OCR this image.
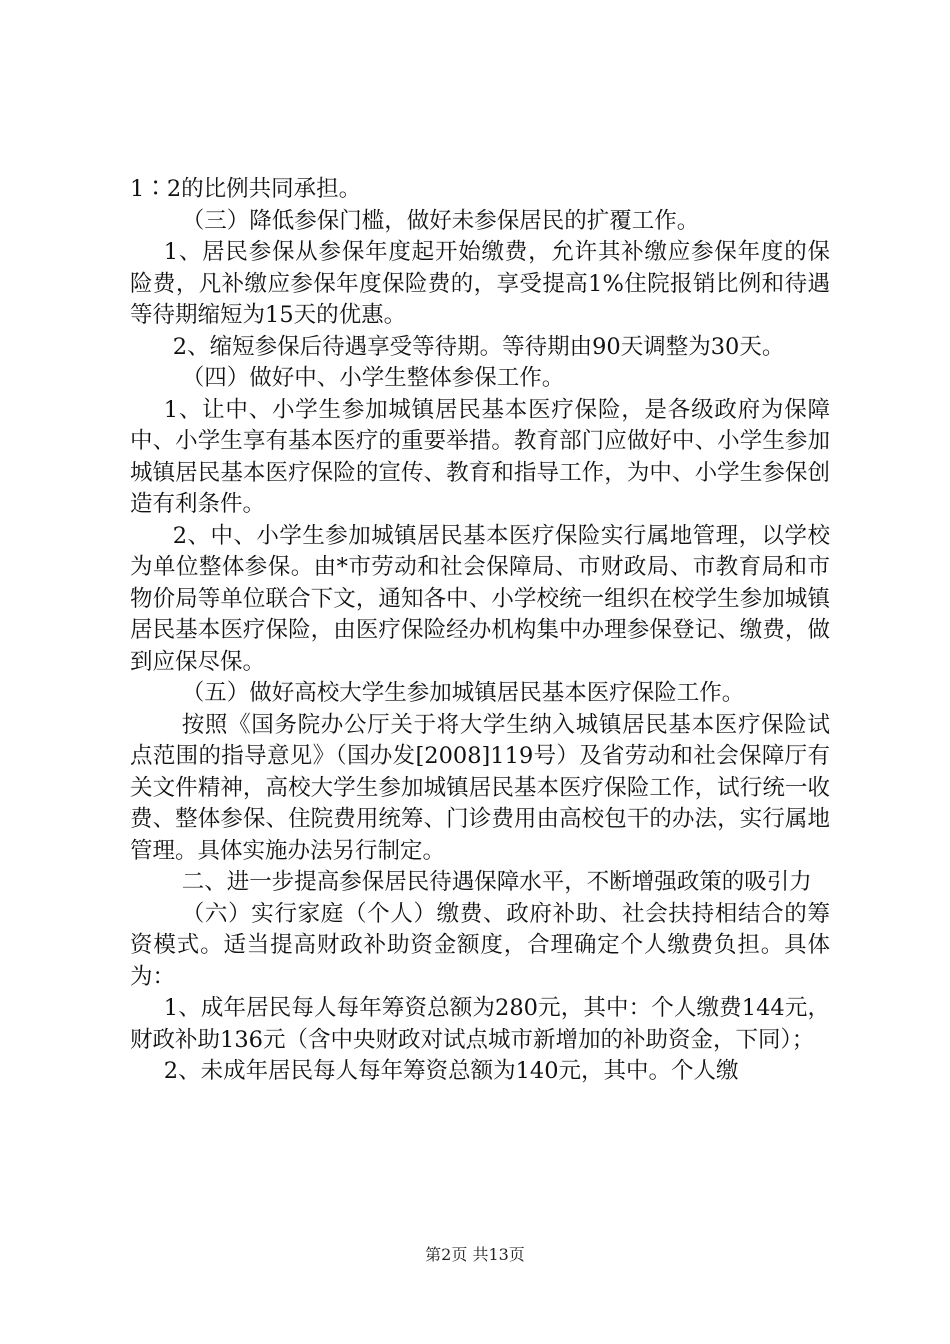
1∶2的比例共同承担。

（三）降低参保门槛，做好未参保居民的扩覆工作。

1、居民参保从参保年度起开始缴费，允许其补缴应参保年度的保险费，凡补缴应参保年度保险费的，享受提高1%住院报销比例和待遇等待期缩短为15天的优惠。

2、缩短参保后待遇享受等待期。等待期由90天调整为30天。

（四）做好中、小学生整体参保工作。

1、让中、小学生参加城镇居民基本医疗保险，是各级政府为保障中、小学生享有基本医疗的重要举措。教育部门应做好中、小学生参加城镇居民基本医疗保险的宣传、教育和指导工作，为中、小学生参保创造有利条件。

2、中、小学生参加城镇居民基本医疗保险实行属地管理，以学校为单位整体参保。由*市劳动和社会保障局、市财政局、市教育局和市物价局等单位联合下文，通知各中、小学校统一组织在校学生参加城镇居民基本医疗保险，由医疗保险经办机构集中办理参保登记、缴费，做到应保尽保。

（五）做好高校大学生参加城镇居民基本医疗保险工作。

按照《国务院办公厅关于将大学生纳入城镇居民基本医疗保险试点范围的指导意见》（国办发[2008]119号）及省劳动和社会保障厅有关文件精神，高校大学生参加城镇居民基本医疗保险工作，试行统一收费、整体参保、住院费用统筹、门诊费用由高校包干的办法，实行属地管理。具体实施办法另行制定。

二、进一步提高参保居民待遇保障水平，不断增强政策的吸引力

（六）实行家庭（个人）缴费、政府补助、社会扶持相结合的筹资模式。适当提高财政补助资金额度，合理确定个人缴费负担。具体为：

1、成年居民每人每年筹资总额为280元，其中：个人缴费144元，财政补助136元（含中央财政对试点城市新增加的补助资金，下同）；

2、未成年居民每人每年筹资总额为140元，其中。个人缴

第2页 共13页
